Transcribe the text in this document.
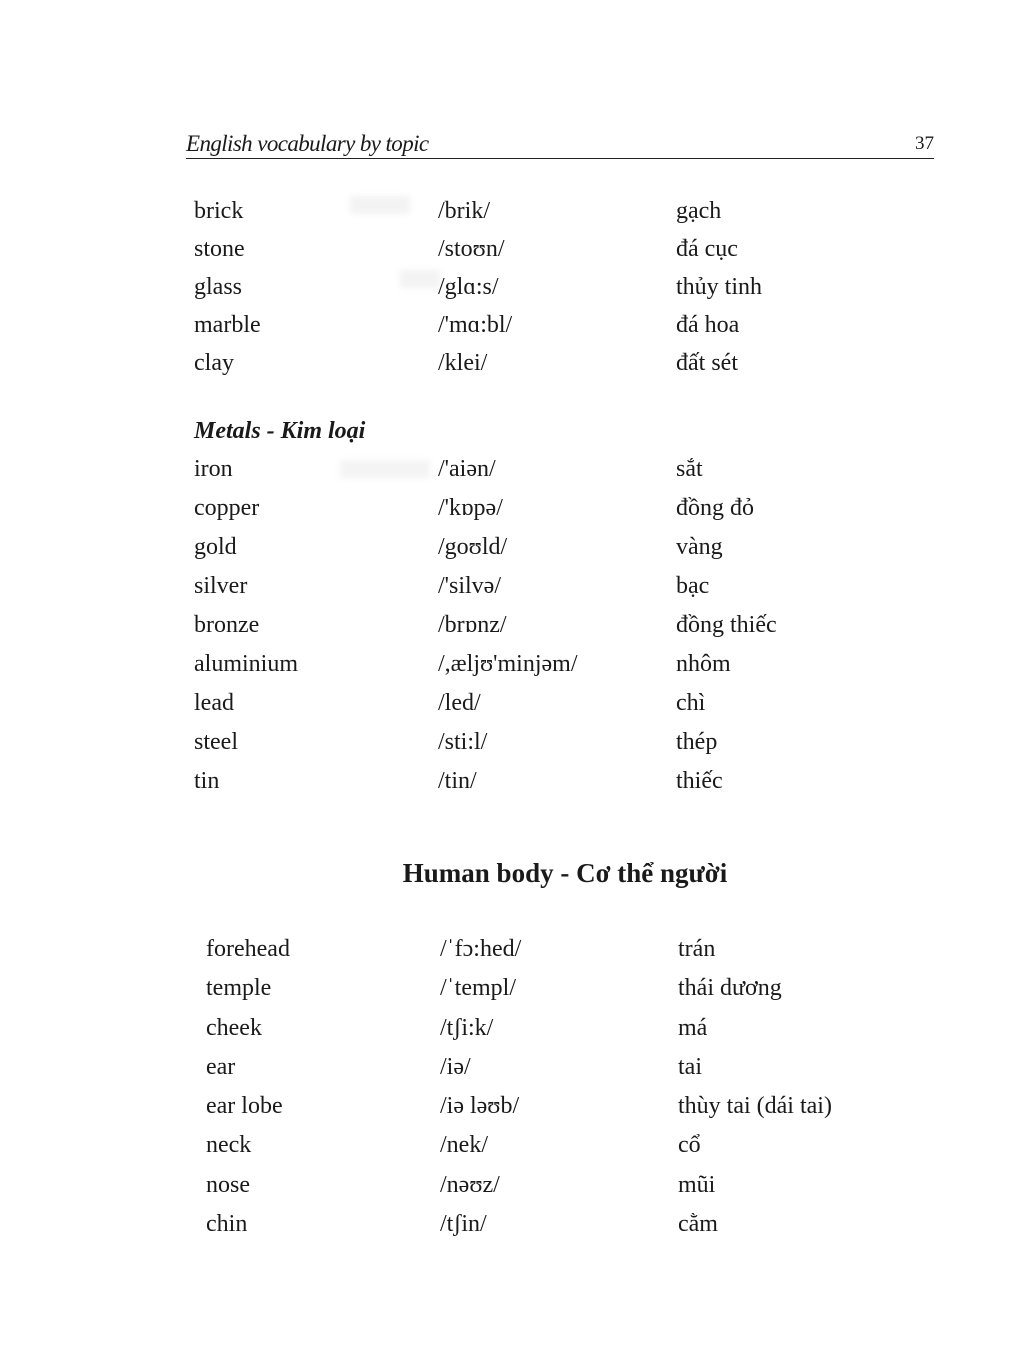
English vocabulary by topic	37
brick
stone
glass
marble
clay
/brik/
/stoʊn/
/glɑ:s/
/'mɑ:bl/
/klei/
gạch
đá cục
thủy tinh
đá hoa
đất sét
Metals - Kim loại
iron
copper
gold
silver
bronze
aluminium
lead
steel
tin
/'aiən/
/'kɒpə/
/goʊld/
/'silvə/
/brɒnz/
/,æljʊ'minjəm/
/led/
/sti:l/
/tin/
sắt
đồng đỏ
vàng
bạc
đồng thiếc
nhôm
chì
thép
thiếc
Human body - Cơ thể người
forehead
temple
cheek
ear
ear lobe
neck
nose
chin
/ˈfɔ:hed/
/ˈtempl/
/tʃi:k/
/iə/
/iə ləʊb/
/nek/
/nəʊz/
/tʃin/
trán
thái dương
má
tai
thùy tai (dái tai)
cổ
mũi
cằm
